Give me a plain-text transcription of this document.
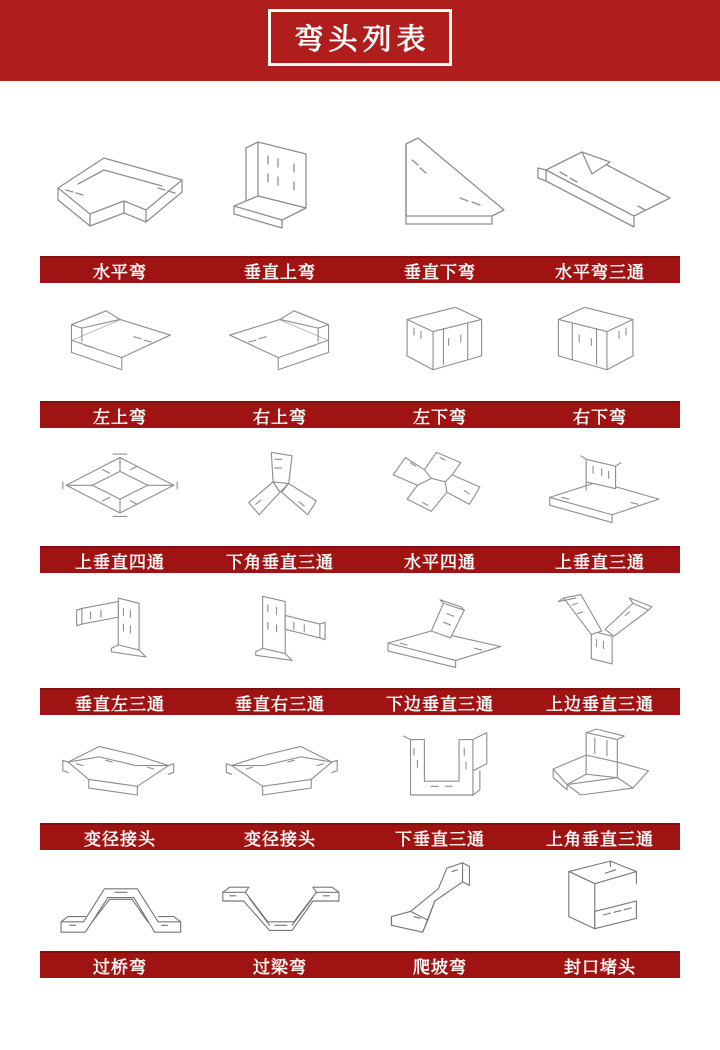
弯头列表
水平弯	垂直上弯	垂直下弯	水平弯三通
左上弯	右上弯	左下弯	右下弯
上垂直四通	下角垂直三通	水平四通	上垂直三通
垂直左三通	垂直右三通	下边垂直三通	上边垂直三通
变径接头	变径接头	下垂直三通	上角垂直三通
过桥弯	过梁弯	爬坡弯	封口堵头
